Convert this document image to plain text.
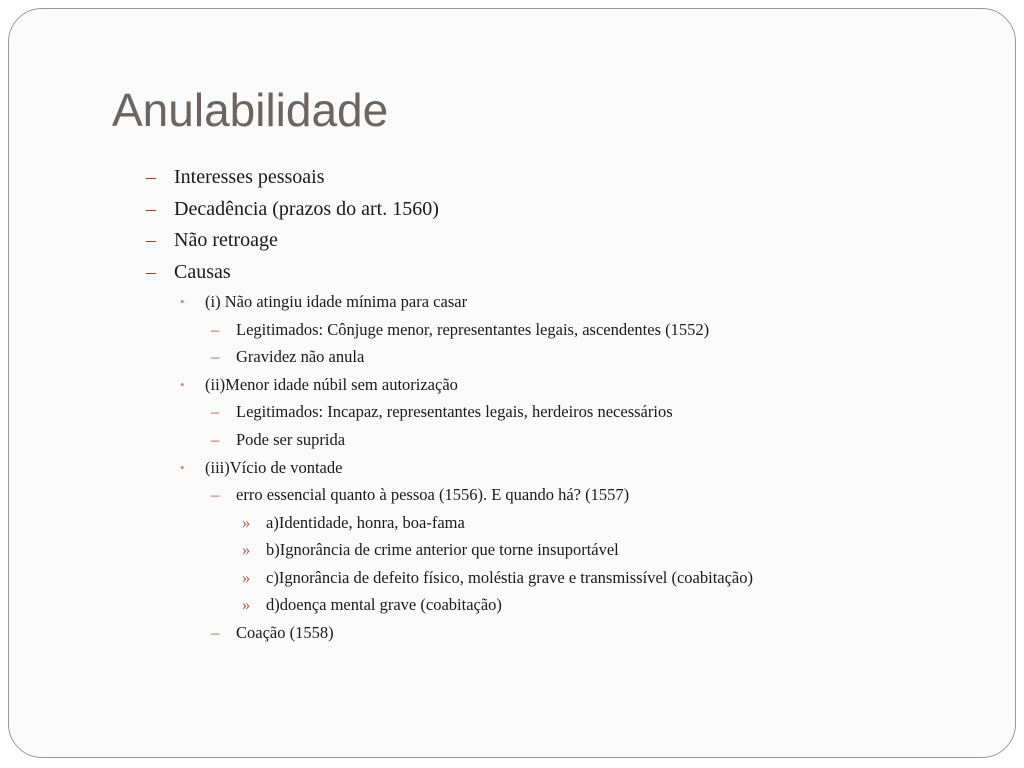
Anulabilidade
– Interesses pessoais
– Decadência (prazos do art. 1560)
– Não retroage
– Causas
• (i) Não atingiu idade mínima para casar
– Legitimados: Cônjuge menor, representantes legais, ascendentes (1552)
– Gravidez não anula
• (ii)Menor idade núbil sem autorização
– Legitimados: Incapaz, representantes legais, herdeiros necessários
– Pode ser suprida
• (iii)Vício de vontade
– erro essencial quanto à pessoa (1556). E quando há? (1557)
» a)Identidade, honra, boa-fama
» b)Ignorância de crime anterior que torne insuportável
» c)Ignorância de defeito físico, moléstia grave e transmissível (coabitação)
» d)doença mental grave (coabitação)
– Coação (1558)
